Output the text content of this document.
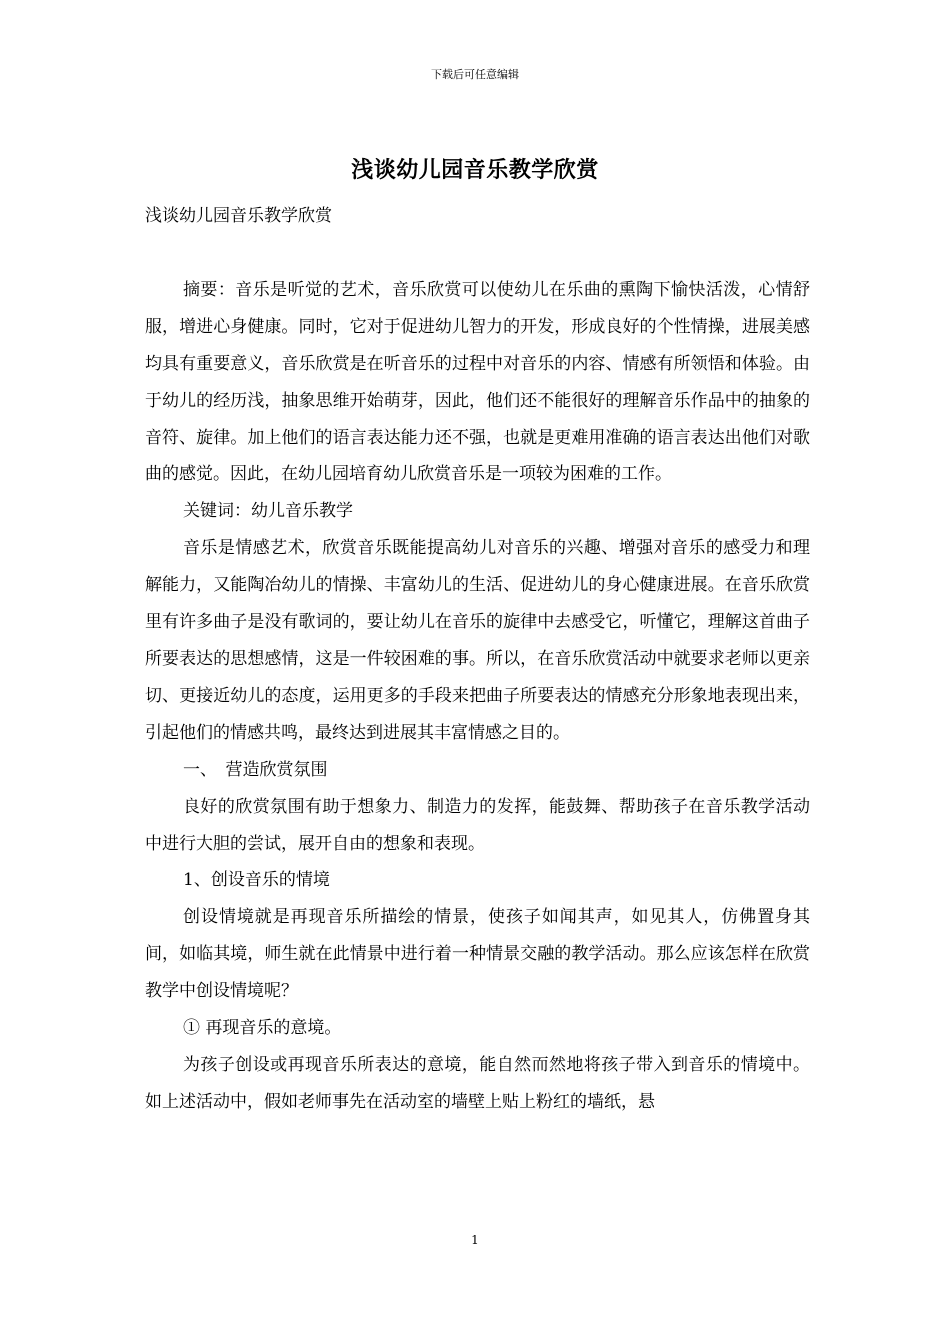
下载后可任意编辑
浅谈幼儿园音乐教学欣赏

浅谈幼儿园音乐教学欣赏

摘要：音乐是听觉的艺术，音乐欣赏可以使幼儿在乐曲的熏陶下愉快活泼，心情舒服，增进心身健康。同时，它对于促进幼儿智力的开发，形成良好的个性情操，进展美感均具有重要意义，音乐欣赏是在听音乐的过程中对音乐的内容、情感有所领悟和体验。由于幼儿的经历浅，抽象思维开始萌芽，因此，他们还不能很好的理解音乐作品中的抽象的音符、旋律。加上他们的语言表达能力还不强，也就是更难用准确的语言表达出他们对歌曲的感觉。因此，在幼儿园培育幼儿欣赏音乐是一项较为困难的工作。

关键词：幼儿音乐教学

音乐是情感艺术，欣赏音乐既能提高幼儿对音乐的兴趣、增强对音乐的感受力和理解能力，又能陶冶幼儿的情操、丰富幼儿的生活、促进幼儿的身心健康进展。在音乐欣赏里有许多曲子是没有歌词的，要让幼儿在音乐的旋律中去感受它，听懂它，理解这首曲子所要表达的思想感情，这是一件较困难的事。所以，在音乐欣赏活动中就要求老师以更亲切、更接近幼儿的态度，运用更多的手段来把曲子所要表达的情感充分形象地表现出来，引起他们的情感共鸣，最终达到进展其丰富情感之目的。

一、　营造欣赏氛围

良好的欣赏氛围有助于想象力、制造力的发挥，能鼓舞、帮助孩子在音乐教学活动中进行大胆的尝试，展开自由的想象和表现。

1、创设音乐的情境

创设情境就是再现音乐所描绘的情景，使孩子如闻其声，如见其人，仿佛置身其间，如临其境，师生就在此情景中进行着一种情景交融的教学活动。那么应该怎样在欣赏教学中创设情境呢？

① 再现音乐的意境。

为孩子创设或再现音乐所表达的意境，能自然而然地将孩子带入到音乐的情境中。如上述活动中，假如老师事先在活动室的墙壁上贴上粉红的墙纸，悬

1
